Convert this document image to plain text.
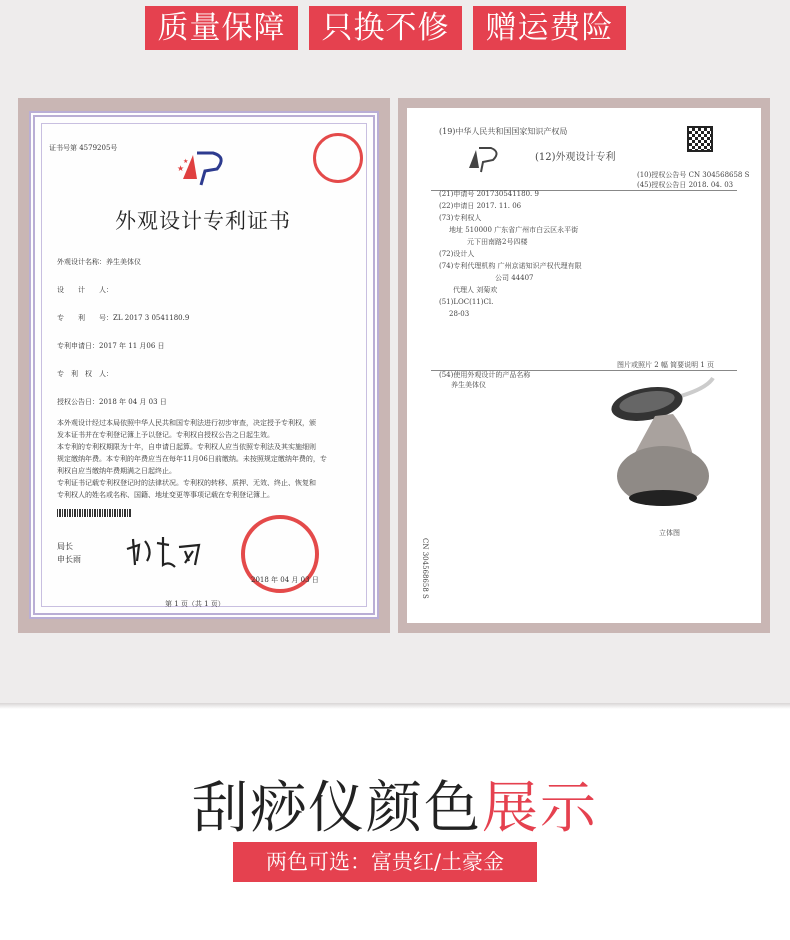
质量保障	只换不修	赠运费险
证书号第 4579205号
★
★
外观设计专利证书
外观设计名称：养生美体仪
设　　计　　人：
专　　利　　号：ZL 2017 3 0541180.9
专利申请日：2017 年 11 月06 日
专　利　权　人：
授权公告日：2018 年 04 月 03 日
本外观设计经过本局依照中华人民共和国专利法进行初步审查，决定授予专利权，颁
发本证书并在专利登记簿上予以登记。专利权自授权公告之日起生效。
本专利的专利权期限为十年，自申请日起算。专利权人应当依照专利法及其实施细则
规定缴纳年费。本专利的年费应当在每年11月06日前缴纳。未按照规定缴纳年费的，专
利权自应当缴纳年费期满之日起终止。
专利证书记载专利权登记时的法律状况。专利权的转移、质押、无效、终止、恢复和
专利权人的姓名或名称、国籍、地址变更等事项记载在专利登记簿上。
局长
申长雨
2018 年 04 月 03 日
第 1 页（共 1 页）
(19)中华人民共和国国家知识产权局
(12)外观设计专利
(10)授权公告号 CN 304568658 S
(45)授权公告日 2018. 04. 03
(21)申请号 201730541180. 9
(22)申请日 2017. 11. 06
(73)专利权人
地址 510000 广东省广州市白云区永平街
元下田南路2号四楼
(72)设计人
(74)专利代理机构 广州京诺知识产权代理有限
公司 44407
代理人 刘菊欢
(51)LOC(11)Cl.
28-03
图片或照片 2 幅 简要说明 1 页
(54)使用外观设计的产品名称
养生美体仪
立体图
CN 304568658 S
刮痧仪颜色展示
两色可选：富贵红/土豪金
